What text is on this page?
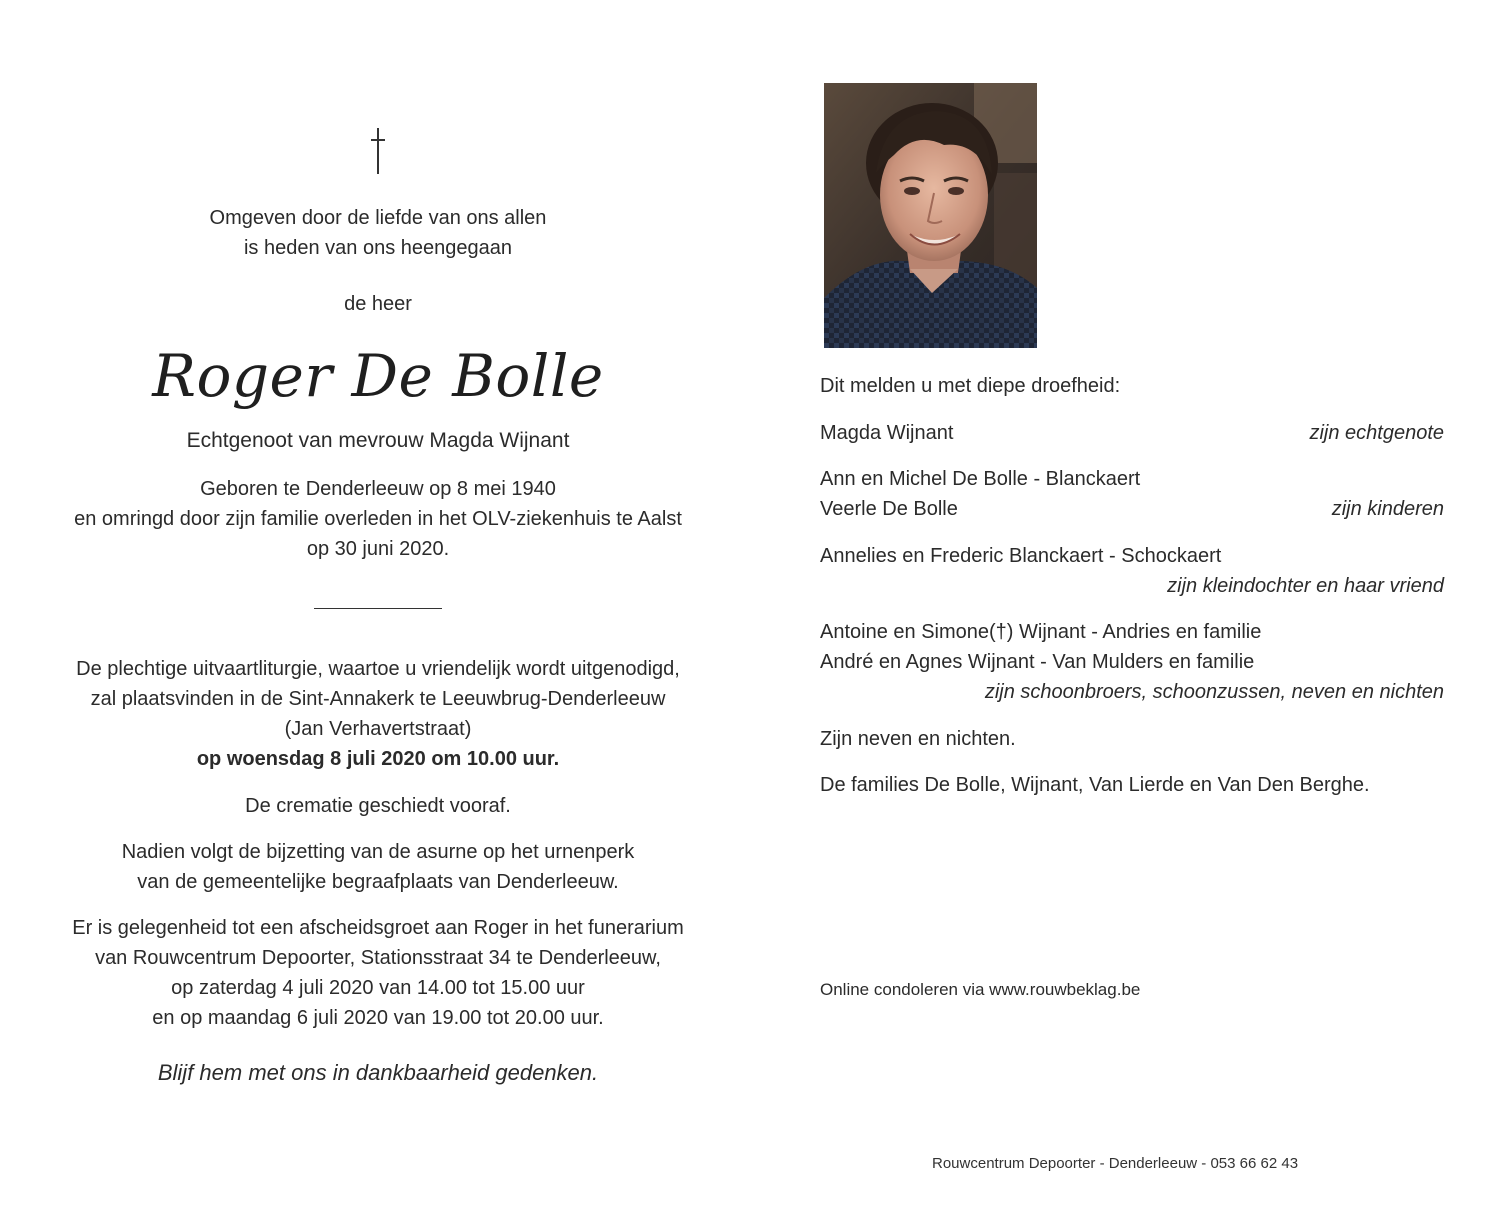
Omgeven door de liefde van ons allen
is heden van ons heengegaan
de heer
Roger De Bolle
Echtgenoot van mevrouw Magda Wijnant
Geboren te Denderleeuw op 8 mei 1940
en omringd door zijn familie overleden in het OLV-ziekenhuis te Aalst
op 30 juni 2020.
De plechtige uitvaartliturgie, waartoe u vriendelijk wordt uitgenodigd,
zal plaatsvinden in de Sint-Annakerk te Leeuwbrug-Denderleeuw
(Jan Verhavertstraat)
op woensdag 8 juli 2020 om 10.00 uur.
De crematie geschiedt vooraf.
Nadien volgt de bijzetting van de asurne op het urnenperk
van de gemeentelijke begraafplaats van Denderleeuw.
Er is gelegenheid tot een afscheidsgroet aan Roger in het funerarium
van Rouwcentrum Depoorter, Stationsstraat 34 te Denderleeuw,
op zaterdag 4 juli 2020 van 14.00 tot 15.00 uur
en op maandag 6 juli 2020 van 19.00 tot 20.00 uur.
Blijf hem met ons in dankbaarheid gedenken.
Dit melden u met diepe droefheid:
Magda Wijnant	zijn echtgenote
Ann en Michel De Bolle - Blanckaert
Veerle De Bolle	zijn kinderen
Annelies en Frederic Blanckaert - Schockaert
zijn kleindochter en haar vriend
Antoine en Simone(†) Wijnant - Andries en familie
André en Agnes Wijnant - Van Mulders en familie
zijn schoonbroers, schoonzussen, neven en nichten
Zijn neven en nichten.
De families De Bolle, Wijnant, Van Lierde en Van Den Berghe.
Online condoleren via www.rouwbeklag.be
Rouwcentrum Depoorter - Denderleeuw - 053 66 62 43
